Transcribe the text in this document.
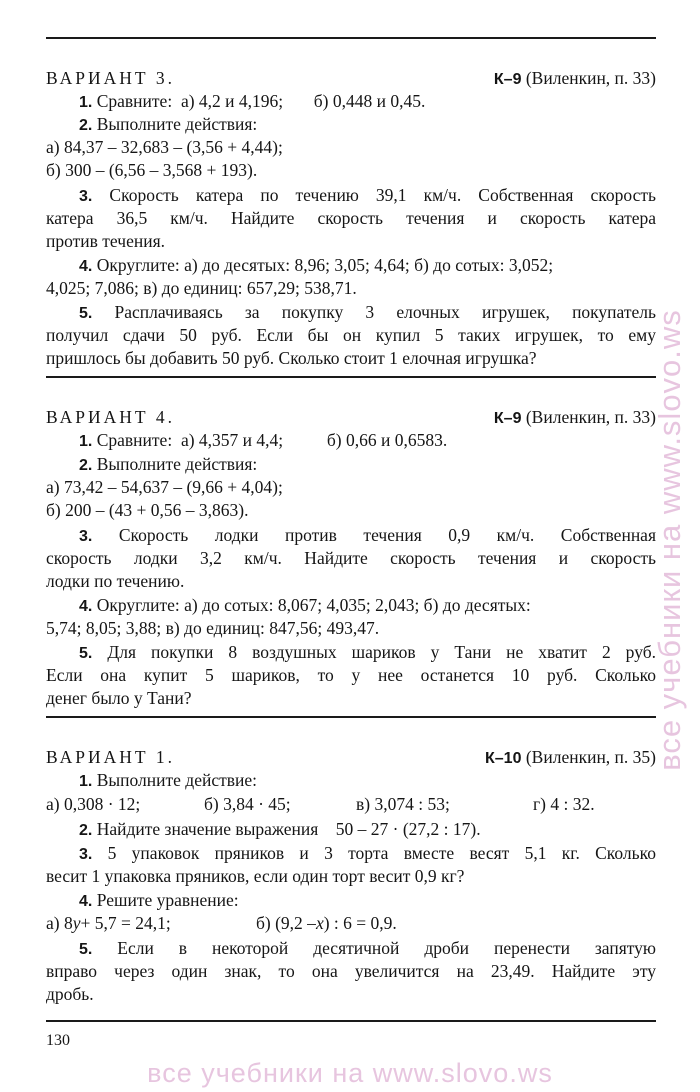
все учебники на www.slovo.ws
все учебники на www.slovo.ws
ВАРИАНТ 3.	К–9 (Виленкин, п. 33)
1. Сравните: а) 4,2 и 4,196; б) 0,448 и 0,45.
2. Выполните действия:
а) 84,37 – 32,683 – (3,56 + 4,44);
б) 300 – (6,56 – 3,568 + 193).
3. Скорость катера по течению 39,1 км/ч. Собственная скорость
катера 36,5 км/ч. Найдите скорость течения и скорость катера
против течения.
4. Округлите: а) до десятых: 8,96; 3,05; 4,64; б) до сотых: 3,052;
4,025; 7,086; в) до единиц: 657,29; 538,71.
5. Расплачиваясь за покупку 3 елочных игрушек, покупатель
получил сдачи 50 руб. Если бы он купил 5 таких игрушек, то ему
пришлось бы добавить 50 руб. Сколько стоит 1 елочная игрушка?
ВАРИАНТ 4.	К–9 (Виленкин, п. 33)
1. Сравните: а) 4,357 и 4,4;	б) 0,66 и 0,6583.
2. Выполните действия:
а) 73,42 – 54,637 – (9,66 + 4,04);
б) 200 – (43 + 0,56 – 3,863).
3. Скорость лодки против течения 0,9 км/ч. Собственная
скорость лодки 3,2 км/ч. Найдите скорость течения и скорость
лодки по течению.
4. Округлите: а) до сотых: 8,067; 4,035; 2,043; б) до десятых:
5,74; 8,05; 3,88; в) до единиц: 847,56; 493,47.
5. Для покупки 8 воздушных шариков у Тани не хватит 2 руб.
Если она купит 5 шариков, то у нее останется 10 руб. Сколько
денег было у Тани?
ВАРИАНТ 1.	К–10 (Виленкин, п. 35)
1. Выполните действие:
а) 0,308 · 12;	б) 3,84 · 45;	в) 3,074 : 53;	г) 4 : 32.
2. Найдите значение выражения 50 – 27 · (27,2 : 17).
3. 5 упаковок пряников и 3 торта вместе весят 5,1 кг. Сколько
весит 1 упаковка пряников, если один торт весит 0,9 кг?
4. Решите уравнение:
а) 8y+ 5,7 = 24,1;	б) (9,2 –x) : 6 = 0,9.
5. Если в некоторой десятичной дроби перенести запятую
вправо через один знак, то она увеличится на 23,49. Найдите эту
дробь.
130
